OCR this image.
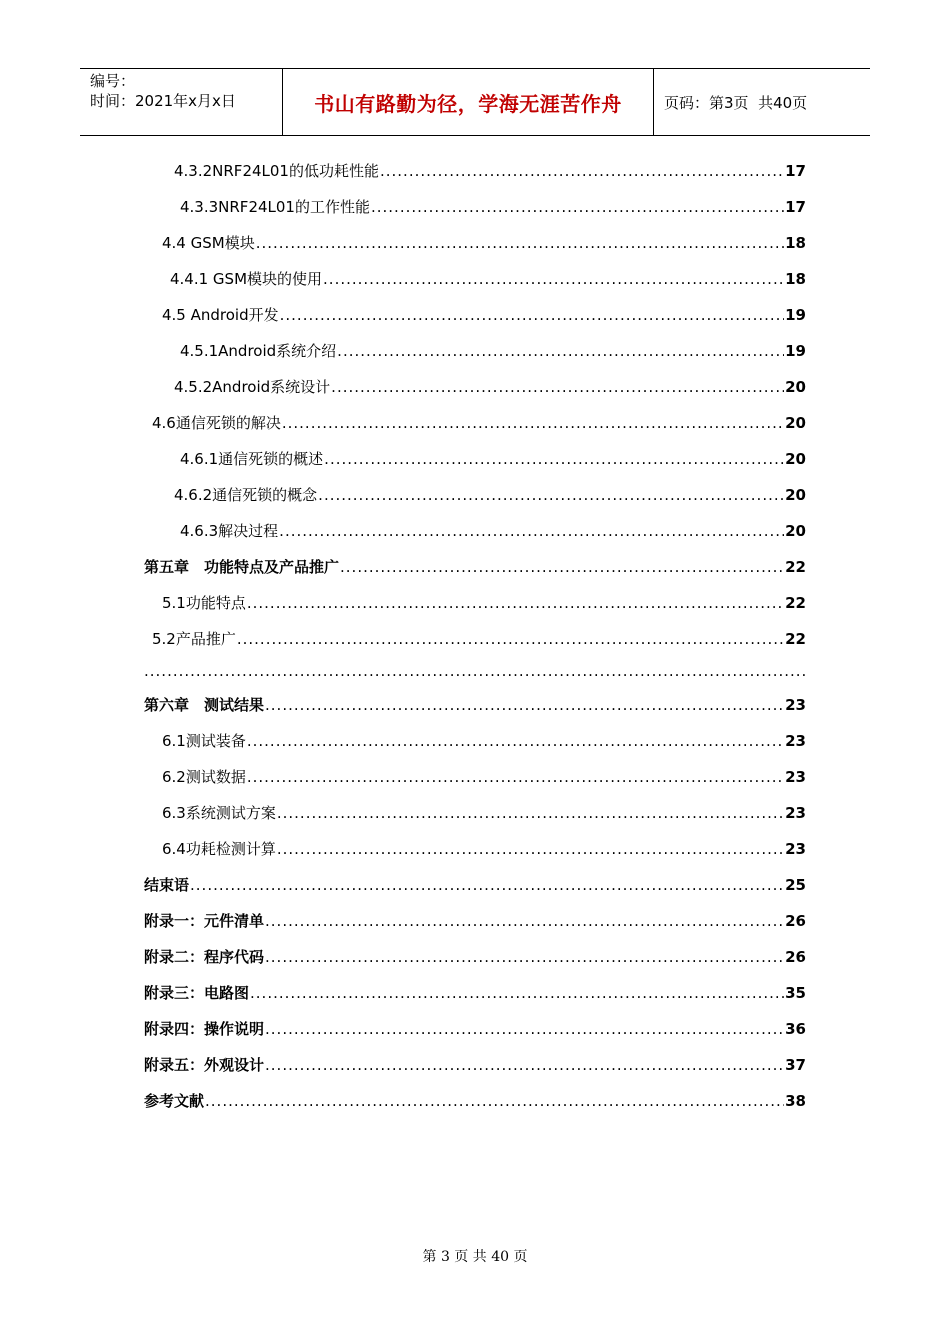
编号：
时间：2021年x月x日	书山有路勤为径，学海无涯苦作舟	页码：第3页  共40页
4.3.2NRF24L01的低功耗性能 .....	17
4.3.3NRF24L01的工作性能 .....	17
4.4 GSM模块 .....	18
4.4.1 GSM模块的使用 .....	18
4.5 Android开发 .....	19
4.5.1Android系统介绍 .....	19
4.5.2Android系统设计 .....	20
4.6通信死锁的解决 .....	20
4.6.1通信死锁的概述 .....	20
4.6.2通信死锁的概念 .....	20
4.6.3解决过程 .....	20
第五章　功能特点及产品推广 .....	22
5.1功能特点 .....	22
5.2产品推广 .....	22
.....
第六章　测试结果 .....	23
6.1测试装备 .....	23
6.2测试数据 .....	23
6.3系统测试方案 .....	23
6.4功耗检测计算 .....	23
结束语 .....	25
附录一：元件清单 .....	26
附录二：程序代码 .....	26
附录三：电路图 .....	35
附录四：操作说明 .....	36
附录五：外观设计 .....	37
参考文献 .....	38
第 3 页 共 40 页
